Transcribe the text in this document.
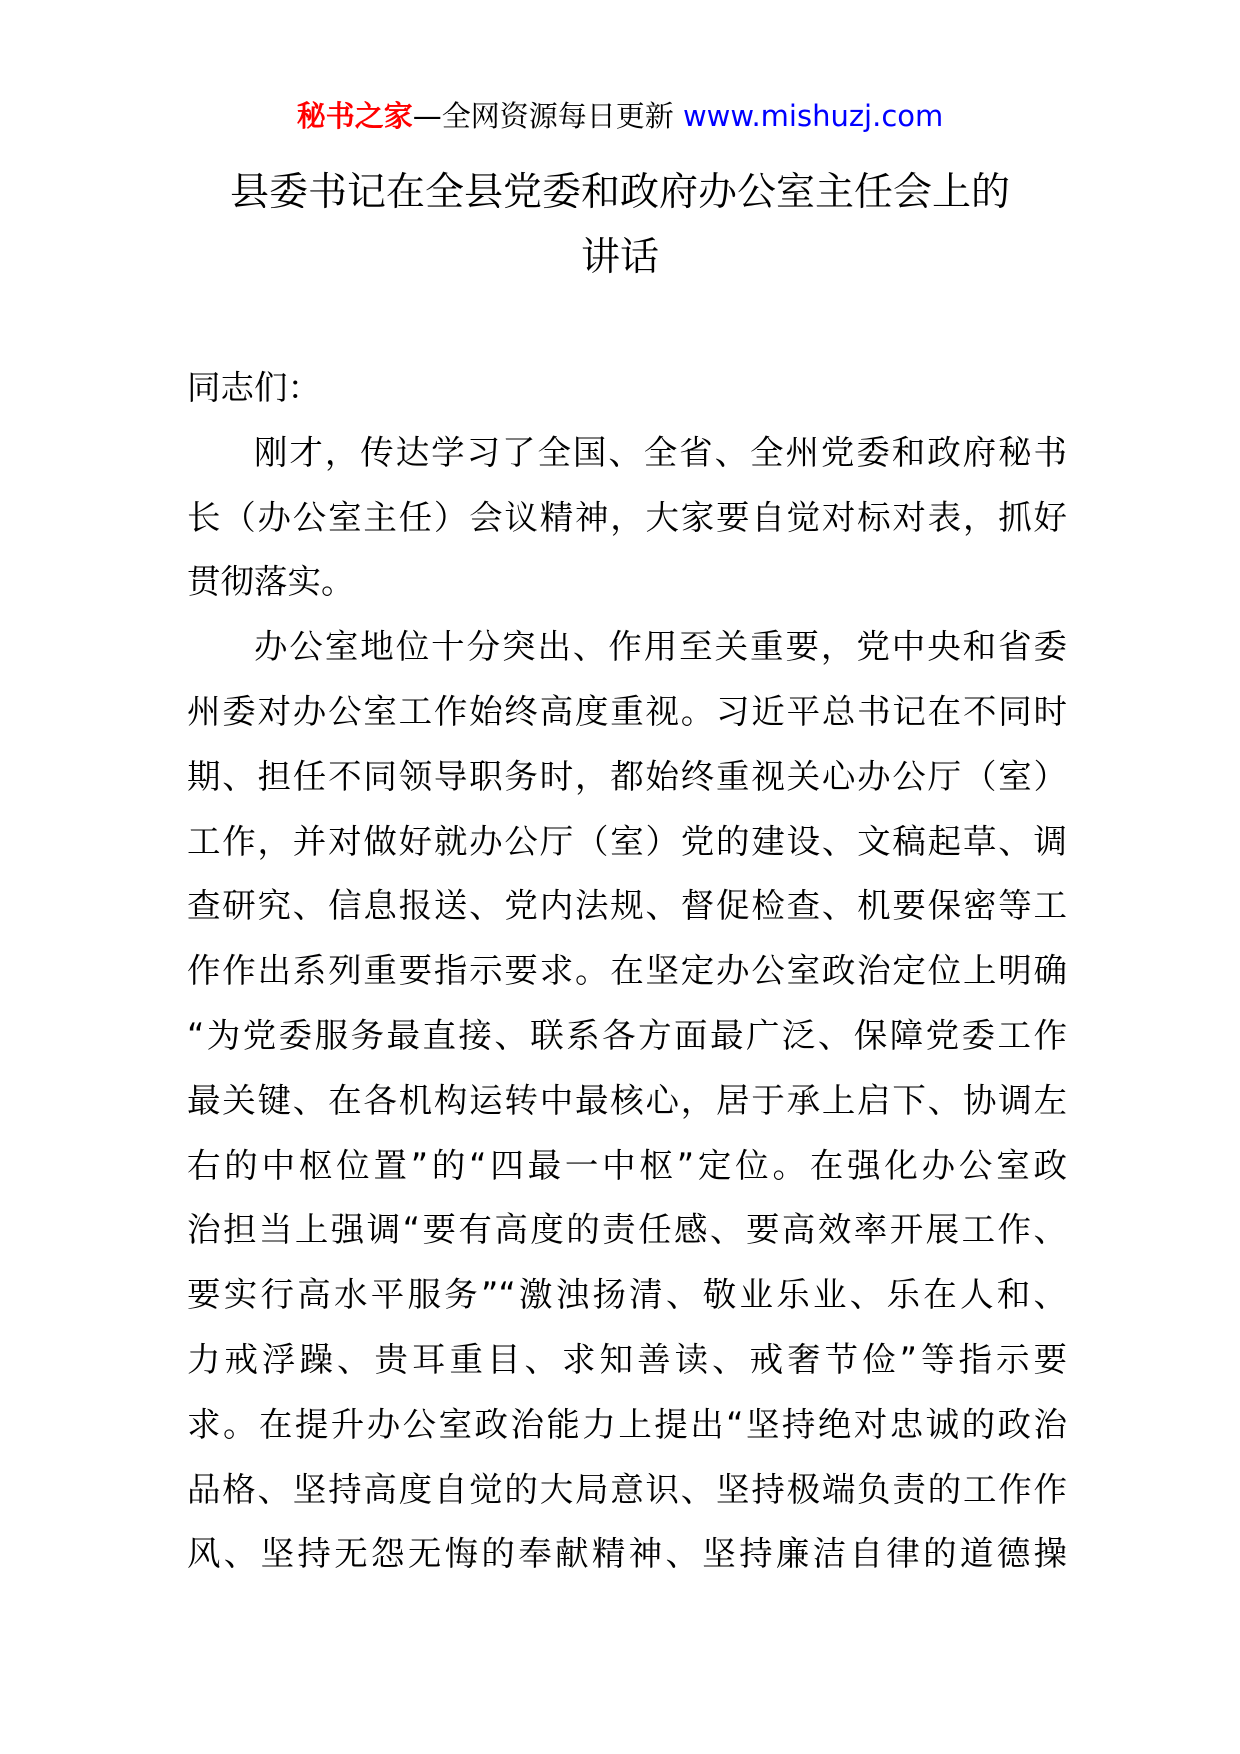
秘书之家—全网资源每日更新 www.mishuzj.com
县委书记在全县党委和政府办公室主任会上的
讲话
同志们：
刚才，传达学习了全国、全省、全州党委和政府秘书
长（办公室主任）会议精神，大家要自觉对标对表，抓好
贯彻落实。
办公室地位十分突出、作用至关重要，党中央和省委
州委对办公室工作始终高度重视。习近平总书记在不同时
期、担任不同领导职务时，都始终重视关心办公厅（室）
工作，并对做好就办公厅（室）党的建设、文稿起草、调
查研究、信息报送、党内法规、督促检查、机要保密等工
作作出系列重要指示要求。在坚定办公室政治定位上明确
“为党委服务最直接、联系各方面最广泛、保障党委工作
最关键、在各机构运转中最核心，居于承上启下、协调左
右的中枢位置”的“四最一中枢”定位。在强化办公室政
治担当上强调“要有高度的责任感、要高效率开展工作、
要实行高水平服务”“激浊扬清、敬业乐业、乐在人和、
力戒浮躁、贵耳重目、求知善读、戒奢节俭”等指示要
求。在提升办公室政治能力上提出“坚持绝对忠诚的政治
品格、坚持高度自觉的大局意识、坚持极端负责的工作作
风、坚持无怨无悔的奉献精神、坚持廉洁自律的道德操
